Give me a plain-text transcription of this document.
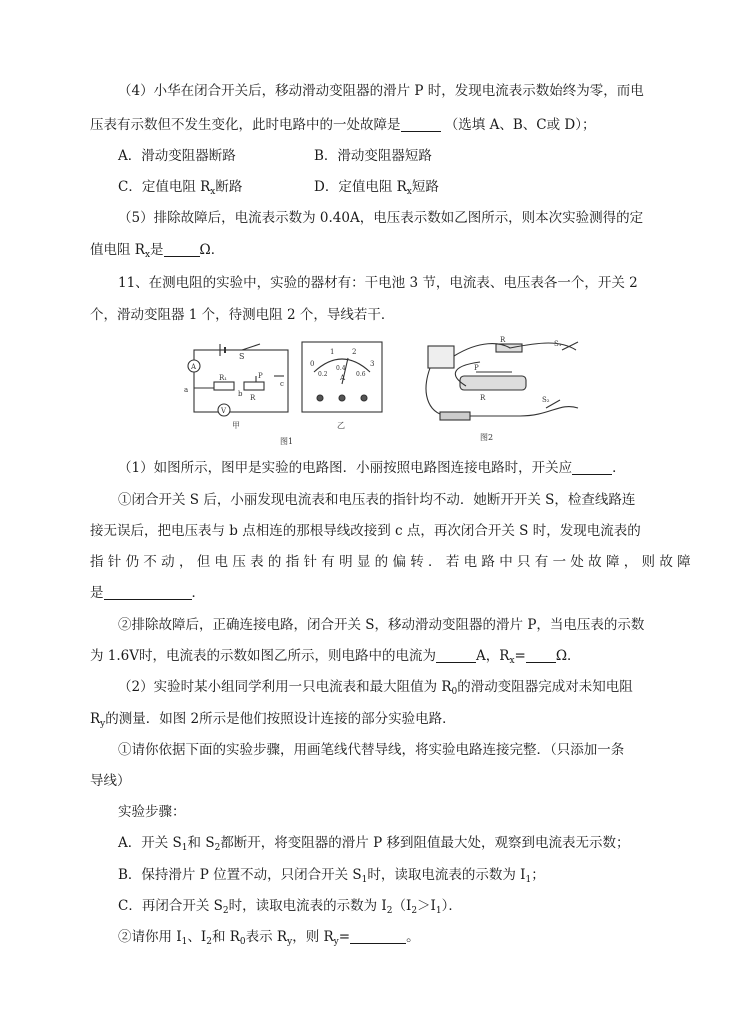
（4）小华在闭合开关后，移动滑动变阻器的滑片 P 时，发现电流表示数始终为零，而电
压表有示数但不发生变化，此时电路中的一处故障是	（选填 A、B、C或 D）；
A．滑动变阻器断路	B．滑动变阻器短路
C．定值电阻 $R_x$断路	D．定值电阻 $R_x$短路
（5）排除故障后，电流表示数为 0.40A，电压表示数如乙图所示，则本次实验测得的定
值电阻 $R_x$是	Ω．
11、在测电阻的实验中，实验的器材有：干电池 3 节，电流表、电压表各一个，开关 2
个，滑动变阻器 1 个，待测电阻 2 个，导线若干．
S
A
V
R₁
R
P
a	b
c
甲
0
1	2
3
0.2
0.4
0.6
A
乙
图1
R	S₁
S₂
P
R
图2
（1）如图所示，图甲是实验的电路图．小丽按照电路图连接电路时，开关应	．
①闭合开关 S 后，小丽发现电流表和电压表的指针均不动．她断开开关 S，检查线路连
接无误后，把电压表与 b 点相连的那根导线改接到 c 点，再次闭合开关 S 时，发现电流表的
指 针 仍 不 动 ， 但 电 压 表 的 指 针 有 明 显 的 偏 转 ． 若 电 路 中 只 有 一 处 故 障 ， 则 故 障
是	．
②排除故障后，正确连接电路，闭合开关 S，移动滑动变阻器的滑片 P，当电压表的示数
为 1.6V时，电流表的示数如图乙所示，则电路中的电流为	A，$R_x= \Omega$．
（2）实验时某小组同学利用一只电流表和最大阻值为 $R_0$的滑动变阻器完成对未知电阻
$R_y$的测量．如图 2所示是他们按照设计连接的部分实验电路．
①请你依据下面的实验步骤，用画笔线代替导线，将实验电路连接完整．（只添加一条
导线）
实验步骤：
A．开关 $S_1$和 $S_2$都断开，将变阻器的滑片 P 移到阻值最大处，观察到电流表无示数；
B．保持滑片 P 位置不动，只闭合开关 $S_1$时，读取电流表的示数为 $I_1$；
C．再闭合开关 $S_2$时，读取电流表的示数为 $I_2(I_2>I_1)$．
②请你用 $I_1$、$I_2$和 $R_0$表示 $R_y$，则 $R_y=$	。
